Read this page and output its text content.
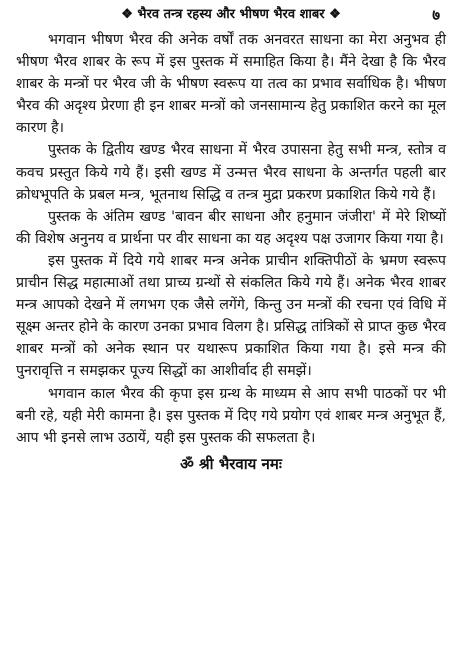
❖ भैरव तन्त्र रहस्य और भीषण भैरव शाबर ❖	७

भगवान भीषण भैरव की अनेक वर्षों तक अनवरत साधना का मेरा अनुभव ही भीषण भैरव शाबर के रूप में इस पुस्तक में समाहित किया है। मैंने देखा है कि भैरव शाबर के मन्त्रों पर भैरव जी के भीषण स्वरूप या तत्व का प्रभाव सर्वाधिक है। भीषण भैरव की अदृश्य प्रेरणा ही इन शाबर मन्त्रों को जनसामान्य हेतु प्रकाशित करने का मूल कारण है।

पुस्तक के द्वितीय खण्ड भैरव साधना में भैरव उपासना हेतु सभी मन्त्र, स्तोत्र व कवच प्रस्तुत किये गये हैं। इसी खण्ड में उन्मत्त भैरव साधना के अन्तर्गत पहली बार क्रोधभूपति के प्रबल मन्त्र, भूतनाथ सिद्धि व तन्त्र मुद्रा प्रकरण प्रकाशित किये गये हैं।

पुस्तक के अंतिम खण्ड 'बावन बीर साधना और हनुमान जंजीरा' में मेरे शिष्यों की विशेष अनुनय व प्रार्थना पर वीर साधना का यह अदृश्य पक्ष उजागर किया गया है।

इस पुस्तक में दिये गये शाबर मन्त्र अनेक प्राचीन शक्तिपीठों के भ्रमण स्वरूप प्राचीन सिद्ध महात्माओं तथा प्राच्य ग्रन्थों से संकलित किये गये हैं। अनेक भैरव शाबर मन्त्र आपको देखने में लगभग एक जैसे लगेंगे, किन्तु उन मन्त्रों की रचना एवं विधि में सूक्ष्म अन्तर होने के कारण उनका प्रभाव विलग है। प्रसिद्ध तांत्रिकों से प्राप्त कुछ भैरव शाबर मन्त्रों को अनेक स्थान पर यथारूप प्रकाशित किया गया है। इसे मन्त्र की पुनरावृत्ति न समझकर पूज्य सिद्धों का आशीर्वाद ही समझें।

भगवान काल भैरव की कृपा इस ग्रन्थ के माध्यम से आप सभी पाठकों पर भी बनी रहे, यही मेरी कामना है। इस पुस्तक में दिए गये प्रयोग एवं शाबर मन्त्र अनुभूत हैं, आप भी इनसे लाभ उठायें, यही इस पुस्तक की सफलता है।

ॐ श्री भैरवाय नमः
